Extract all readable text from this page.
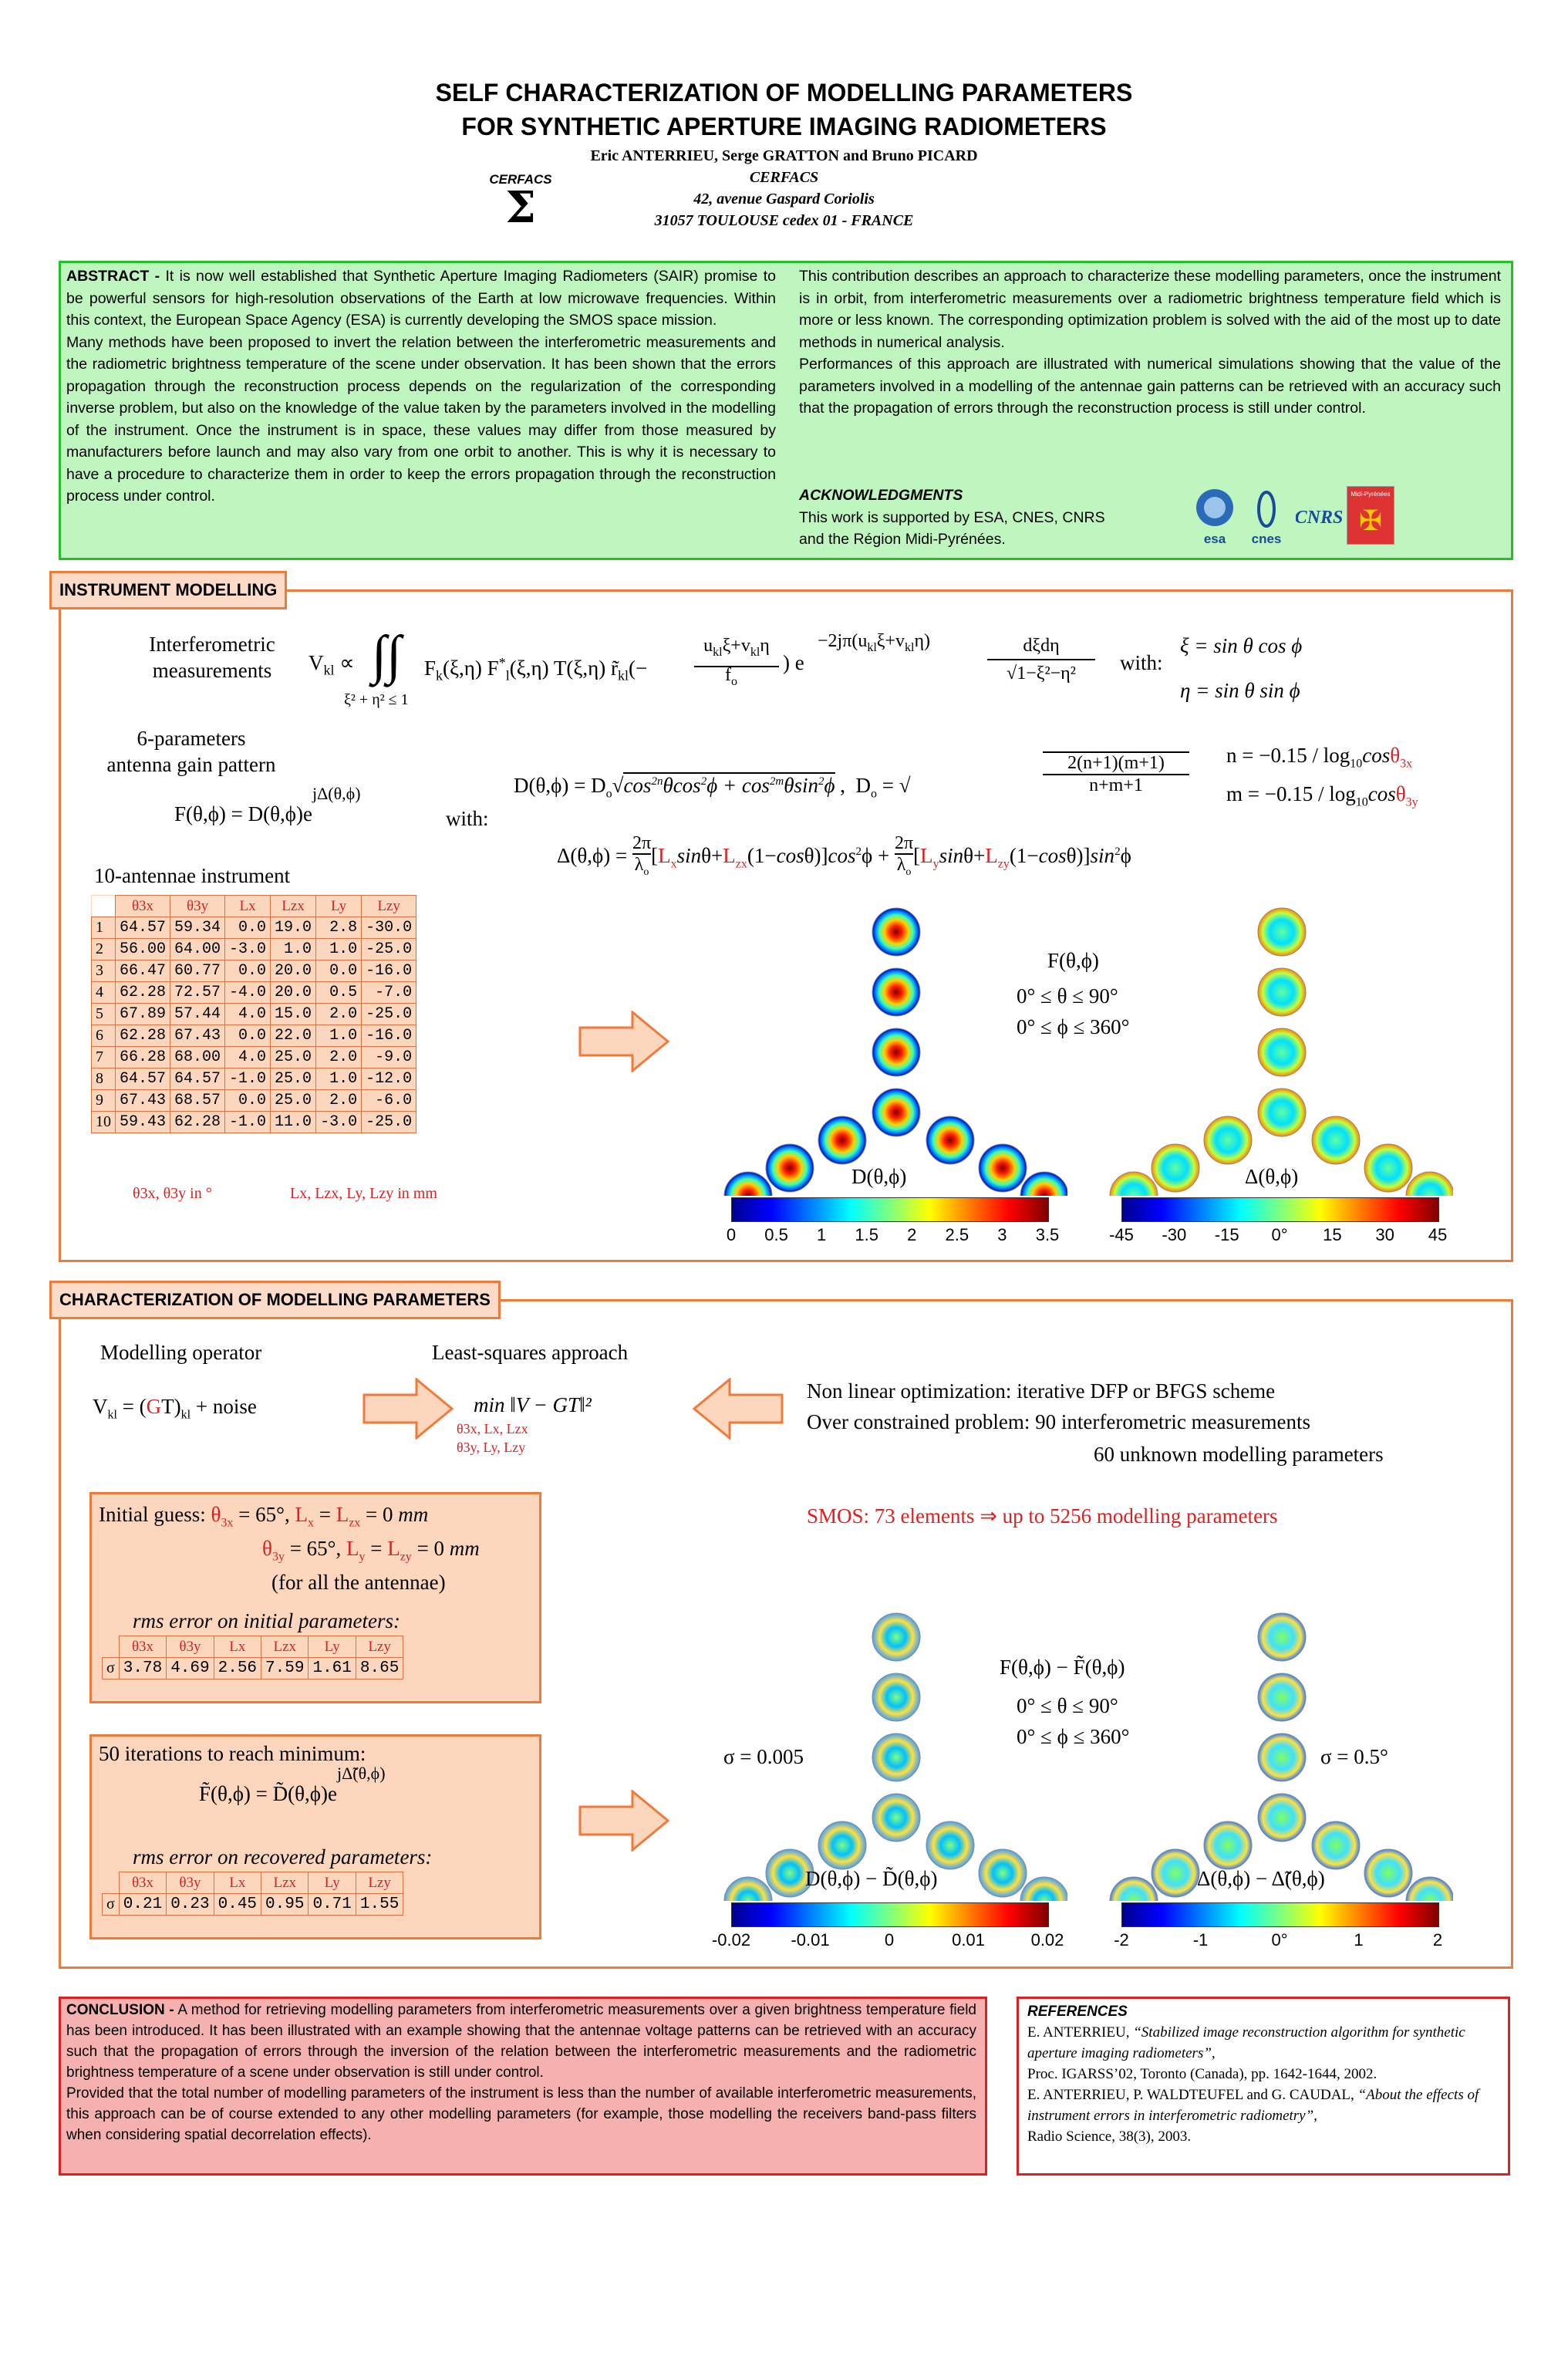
SELF CHARACTERIZATION OF MODELLING PARAMETERS
FOR SYNTHETIC APERTURE IMAGING RADIOMETERS
Eric ANTERRIEU, Serge GRATTON and Bruno PICARD
CERFACS
42, avenue Gaspard Coriolis
31057 TOULOUSE cedex 01 - FRANCE
CERFACS
Σ
ABSTRACT - It is now well established that Synthetic Aperture Imaging Radiometers (SAIR) promise to be powerful sensors for high-resolution observations of the Earth at low microwave frequencies. Within this context, the European Space Agency (ESA) is currently developing the SMOS space mission.
Many methods have been proposed to invert the relation between the interferometric measurements and the radiometric brightness temperature of the scene under observation. It has been shown that the errors propagation through the reconstruction process depends on the regularization of the corresponding inverse problem, but also on the knowledge of the value taken by the parameters involved in the modelling of the instrument. Once the instrument is in space, these values may differ from those measured by manufacturers before launch and may also vary from one orbit to another. This is why it is necessary to have a procedure to characterize them in order to keep the errors propagation through the reconstruction process under control.
This contribution describes an approach to characterize these modelling parameters, once the instrument is in orbit, from interferometric measurements over a radiometric brightness temperature field which is more or less known. The corresponding optimization problem is solved with the aid of the most up to date methods in numerical analysis.
Performances of this approach are illustrated with numerical simulations showing that the value of the parameters involved in a modelling of the antennae gain patterns can be retrieved with an accuracy such that the propagation of errors through the reconstruction process is still under control.
ACKNOWLEDGMENTS
This work is supported by ESA, CNES, CNRS
and the Région Midi-Pyrénées.	esa cnes
CNRS
Midi-Pyrénées
✠
INSTRUMENT MODELLING
Interferometric
measurements	$V_{kl}$ ∝ ∫∫ $F_k(\xi,\eta)$ $F^*_l(\xi,\eta)$ T(ξ,η) $r̃_{kl}(-$
$u_{kl}\xi+v_{kl}\eta$
$f_o$
) e
$-2j\pi(u_{kl}\xi+v_{kl}\eta)$	dξdη
√1−ξ²−η²
ξ² + η² ≤ 1
with:
ξ = sin θ cos ϕ
η = sin θ sin ϕ
6-parameters
antenna gain pattern
$F(\theta,\phi) = D(\theta,\phi)e^{j\Delta(\theta,\phi)}$
with:
$D(\theta,\phi) = D_o√\cos^{2n}\theta\cos^2\phi + \cos^{2m}\theta\sin^2\phi$ ,  $D_o$ = √
2(n+1)(m+1)
n+m+1
$n = -0.15 / \log_{10}\cos\theta_{3x}$
$m = -0.15 / \log_{10}\cos\theta_{3y}$
$\Delta(\theta,\phi) = \frac{2\pi}{\lambda_o}[L_x\sin\theta+L_{zx}(1-\cos\theta)]\cos^2\phi + \frac{2\pi}{\lambda_o}[L_y\sin\theta+L_{zy}(1-\cos\theta)]\sin^2\phi$
10-antennae instrument
	θ3x	θ3y	Lx	Lzx	Ly	Lzy
1	64.57	59.34	0.0	19.0	2.8	-30.0
2	56.00	64.00	-3.0	1.0	1.0	-25.0
3	66.47	60.77	0.0	20.0	0.0	-16.0
4	62.28	72.57	-4.0	20.0	0.5	-7.0
5	67.89	57.44	4.0	15.0	2.0	-25.0
6	62.28	67.43	0.0	22.0	1.0	-16.0
7	66.28	68.00	4.0	25.0	2.0	-9.0
8	64.57	64.57	-1.0	25.0	1.0	-12.0
9	67.43	68.57	0.0	25.0	2.0	-6.0
10	59.43	62.28	-1.0	11.0	-3.0	-25.0
θ3x, θ3y in °	Lx, Lzx, Ly, Lzy in mm
F(θ,ϕ)
0° ≤ θ ≤ 90°
0° ≤ ϕ ≤ 360°
D(θ,ϕ)	Δ(θ,ϕ)
0 0.5 1 1.5 2 2.5 3 3.5	-45 -30 -15 0° 15 30 45
CHARACTERIZATION OF MODELLING PARAMETERS
Modelling operator
$V_{kl} = (GT)_{kl}$ + noise
Least-squares approach
min ‖V − GT‖²
θ3x, Lx, Lzx
θ3y, Ly, Lzy
Non linear optimization: iterative DFP or BFGS scheme
Over constrained problem: 90 interferometric measurements
60 unknown modelling parameters
SMOS: 73 elements ⇒ up to 5256 modelling parameters
Initial guess: $\theta_{3x} = 65^\circ$, $L_x = L_{zx} = 0$ mm
$\theta_{3y} = 65^\circ$, $L_y = L_{zy} = 0$ mm
(for all the antennae)
rms error on initial parameters:
	θ3x	θ3y	Lx	Lzx	Ly	Lzy
σ	3.78	4.69	2.56	7.59	1.61	8.65
50 iterations to reach minimum:
F̃(θ,ϕ) = $D̃(\theta,\phi)e^{j\Deltã(\theta,\phi)}$
rms error on recovered parameters:
	θ3x	θ3y	Lx	Lzx	Ly	Lzy
σ	0.21	0.23	0.45	0.95	0.71	1.55
F(θ,ϕ) − F̃(θ,ϕ)
0° ≤ θ ≤ 90°
0° ≤ ϕ ≤ 360°
σ = 0.005	σ = 0.5°
D(θ,ϕ) − D̃(θ,ϕ)	Δ(θ,ϕ) − Δ̃(θ,ϕ)
-0.02 -0.01	0	0.01	0.02	-2	-1	0°	1	2
CONCLUSION - A method for retrieving modelling parameters from interferometric measurements over a given brightness temperature field has been introduced. It has been illustrated with an example showing that the antennae voltage patterns can be retrieved with an accuracy such that the propagation of errors through the inversion of the relation between the interferometric measurements and the radiometric brightness temperature of a scene under observation is still under control.
Provided that the total number of modelling parameters of the instrument is less than the number of available interferometric measurements, this approach can be of course extended to any other modelling parameters (for example, those modelling the receivers band-pass filters when considering spatial decorrelation effects).
REFERENCES
E. ANTERRIEU, “Stabilized image reconstruction algorithm for synthetic aperture imaging radiometers”,
Proc. IGARSS’02, Toronto (Canada), pp. 1642-1644, 2002.
E. ANTERRIEU, P. WALDTEUFEL and G. CAUDAL, “About the effects of instrument errors in interferometric radiometry”,
Radio Science, 38(3), 2003.
